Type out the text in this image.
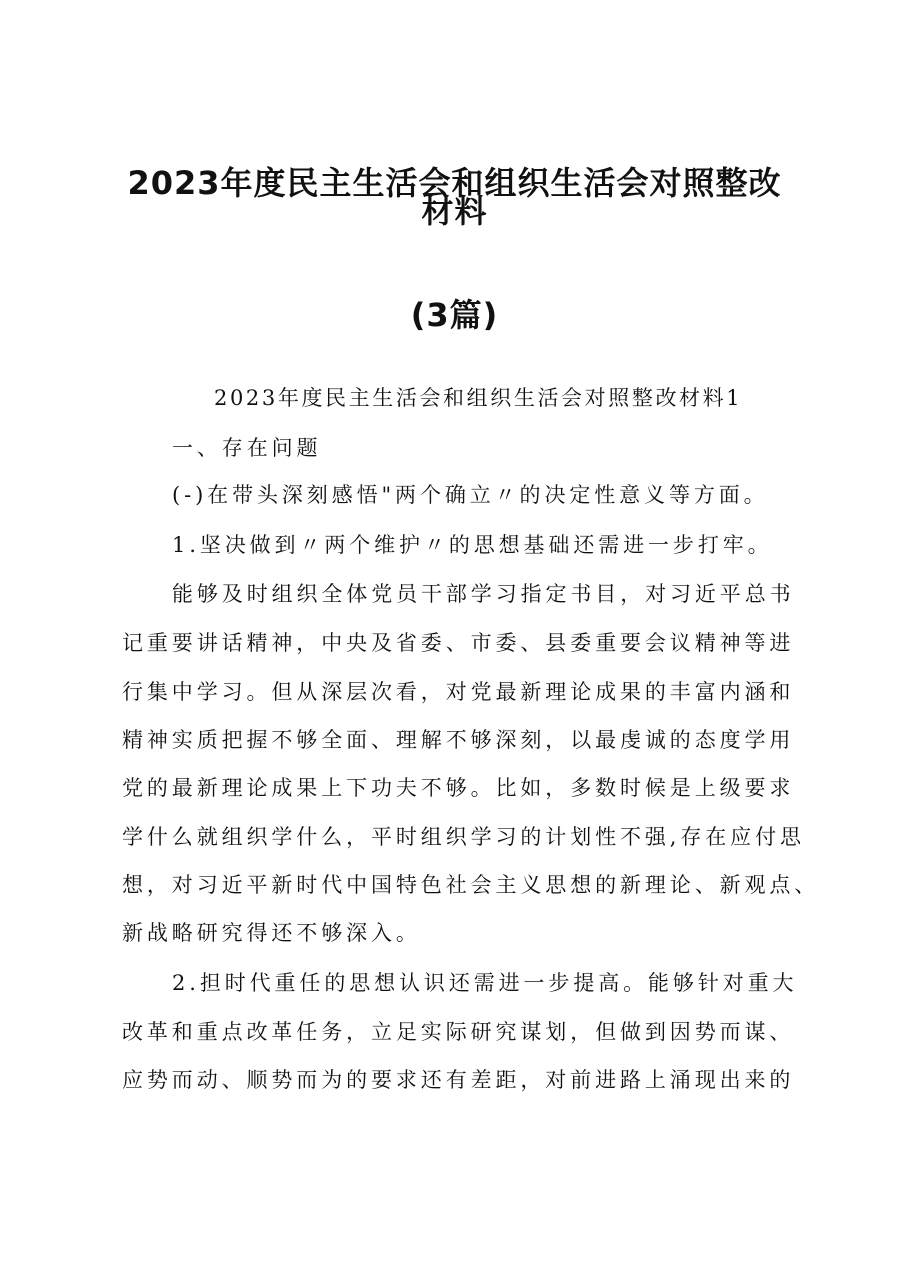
2023年度民主生活会和组织生活会对照整改
材料
(3篇)
2023年度民主生活会和组织生活会对照整改材料1
一、存在问题
(-)在带头深刻感悟"两个确立〃的决定性意义等方面。
1.坚决做到〃两个维护〃的思想基础还需进一步打牢。
能够及时组织全体党员干部学习指定书目，对习近平总书
记重要讲话精神，中央及省委、市委、县委重要会议精神等进
行集中学习。但从深层次看，对党最新理论成果的丰富内涵和
精神实质把握不够全面、理解不够深刻，以最虔诚的态度学用
党的最新理论成果上下功夫不够。比如，多数时候是上级要求
学什么就组织学什么，平时组织学习的计划性不强,存在应付思
想，对习近平新时代中国特色社会主义思想的新理论、新观点、
新战略研究得还不够深入。
2.担时代重任的思想认识还需进一步提高。能够针对重大
改革和重点改革任务，立足实际研究谋划，但做到因势而谋、
应势而动、顺势而为的要求还有差距，对前进路上涌现出来的
